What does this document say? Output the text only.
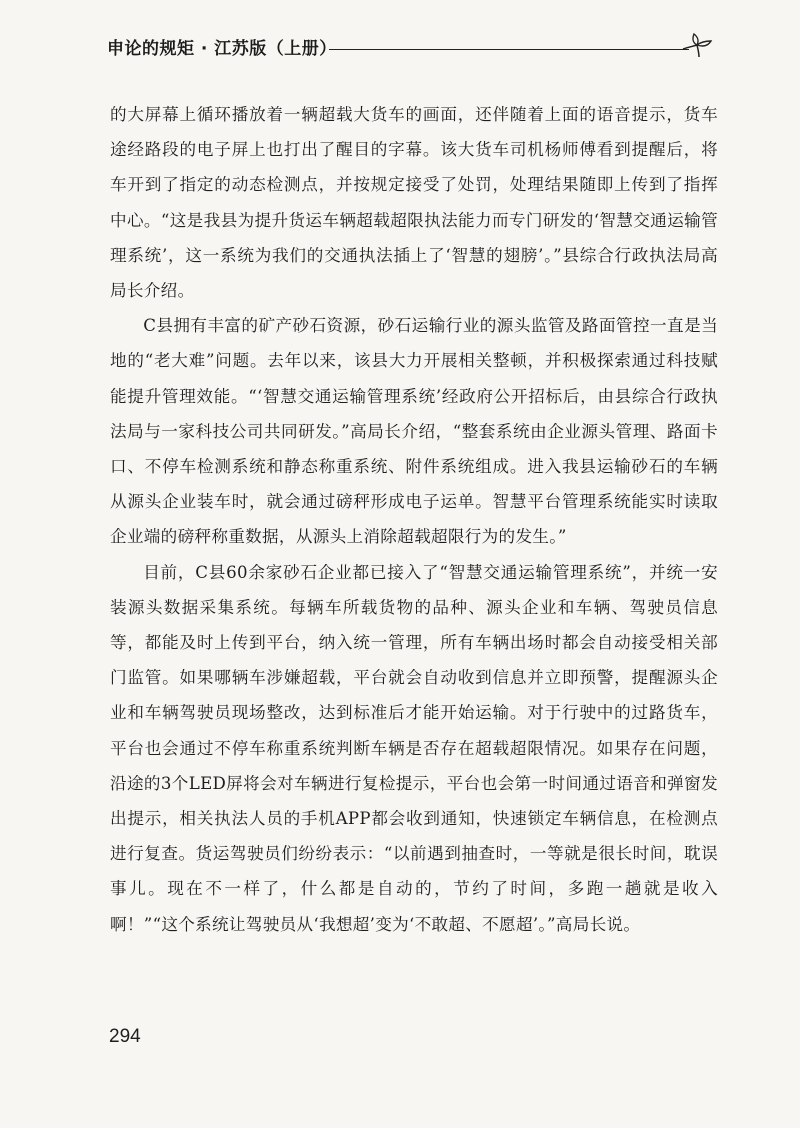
申论的规矩 · 江苏版（上册）

的大屏幕上循环播放着一辆超载大货车的画面，还伴随着上面的语音提示，货车途经路段的电子屏上也打出了醒目的字幕。该大货车司机杨师傅看到提醒后，将车开到了指定的动态检测点，并按规定接受了处罚，处理结果随即上传到了指挥中心。“这是我县为提升货运车辆超载超限执法能力而专门研发的‘智慧交通运输管理系统’，这一系统为我们的交通执法插上了‘智慧的翅膀’。”县综合行政执法局高局长介绍。

C县拥有丰富的矿产砂石资源，砂石运输行业的源头监管及路面管控一直是当地的“老大难”问题。去年以来，该县大力开展相关整顿，并积极探索通过科技赋能提升管理效能。“‘智慧交通运输管理系统’经政府公开招标后，由县综合行政执法局与一家科技公司共同研发。”高局长介绍，“整套系统由企业源头管理、路面卡口、不停车检测系统和静态称重系统、附件系统组成。进入我县运输砂石的车辆从源头企业装车时，就会通过磅秤形成电子运单。智慧平台管理系统能实时读取企业端的磅秤称重数据，从源头上消除超载超限行为的发生。”

目前，C县60余家砂石企业都已接入了“智慧交通运输管理系统”，并统一安装源头数据采集系统。每辆车所载货物的品种、源头企业和车辆、驾驶员信息等，都能及时上传到平台，纳入统一管理，所有车辆出场时都会自动接受相关部门监管。如果哪辆车涉嫌超载，平台就会自动收到信息并立即预警，提醒源头企业和车辆驾驶员现场整改，达到标准后才能开始运输。对于行驶中的过路货车，平台也会通过不停车称重系统判断车辆是否存在超载超限情况。如果存在问题，沿途的3个LED屏将会对车辆进行复检提示，平台也会第一时间通过语音和弹窗发出提示，相关执法人员的手机APP都会收到通知，快速锁定车辆信息，在检测点进行复查。货运驾驶员们纷纷表示：“以前遇到抽查时，一等就是很长时间，耽误事儿。现在不一样了，什么都是自动的，节约了时间，多跑一趟就是收入啊！”“这个系统让驾驶员从‘我想超’变为‘不敢超、不愿超’。”高局长说。

294
